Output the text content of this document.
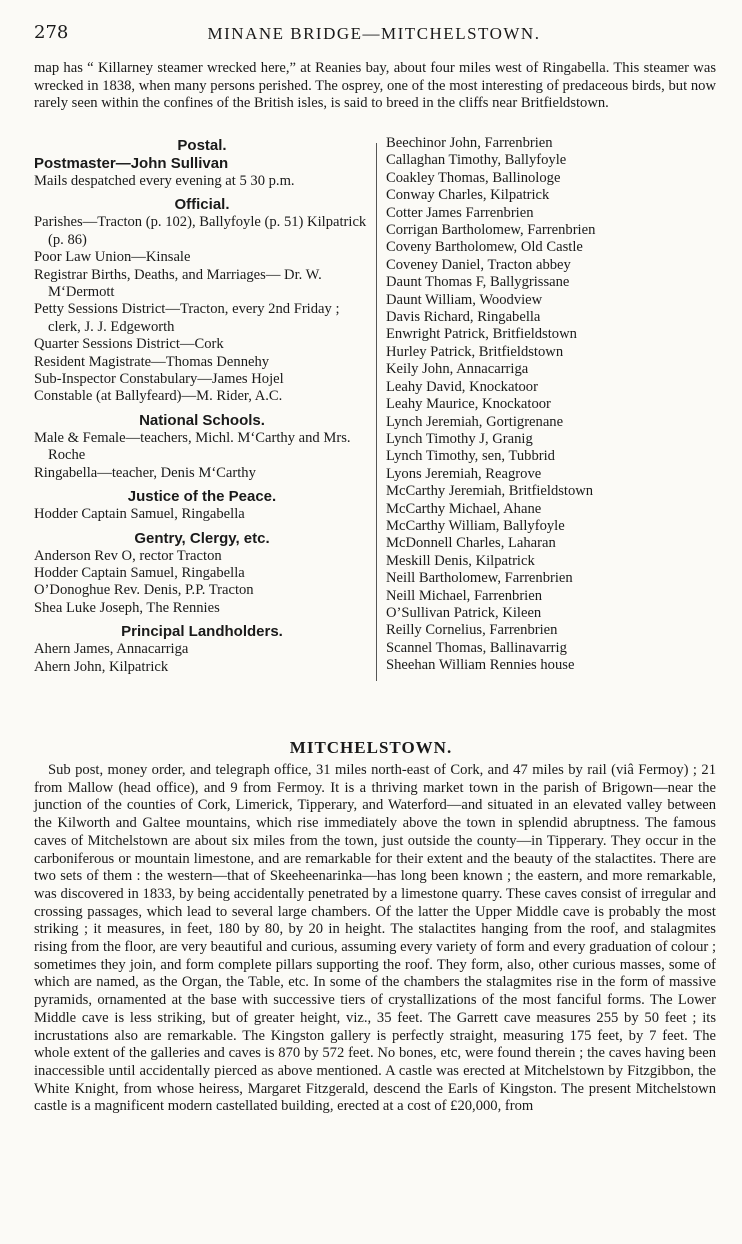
278	MINANE BRIDGE—MITCHELSTOWN.
map has “ Killarney steamer wrecked here,” at Reanies bay, about four miles west of Ringabella. This steamer was wrecked in 1838, when many persons perished. The osprey, one of the most interesting of predaceous birds, but now rarely seen within the confines of the British isles, is said to breed in the cliffs near Britfieldstown.
Postal.
Postmaster—John Sullivan
Mails despatched every evening at 5 30 p.m.
Official.
Parishes—Tracton (p. 102), Ballyfoyle (p. 51) Kilpatrick (p. 86)
Poor Law Union—Kinsale
Registrar Births, Deaths, and Marriages— Dr. W. M‘Dermott
Petty Sessions District—Tracton, every 2nd Friday ; clerk, J. J. Edgeworth
Quarter Sessions District—Cork
Resident Magistrate—Thomas Dennehy
Sub-Inspector Constabulary—James Hojel
Constable (at Ballyfeard)—M. Rider, A.C.
National Schools.
Male & Female—teachers, Michl. M‘Carthy and Mrs. Roche
Ringabella—teacher, Denis M‘Carthy
Justice of the Peace.
Hodder Captain Samuel, Ringabella
Gentry, Clergy, etc.
Anderson Rev O, rector Tracton
Hodder Captain Samuel, Ringabella
O’Donoghue Rev. Denis, P.P. Tracton
Shea Luke Joseph, The Rennies
Principal Landholders.
Ahern James, Annacarriga
Ahern John, Kilpatrick
Beechinor John, Farrenbrien
Callaghan Timothy, Ballyfoyle
Coakley Thomas, Ballinologe
Conway Charles, Kilpatrick
Cotter James Farrenbrien
Corrigan Bartholomew, Farrenbrien
Coveny Bartholomew, Old Castle
Coveney Daniel, Tracton abbey
Daunt Thomas F, Ballygrissane
Daunt William, Woodview
Davis Richard, Ringabella
Enwright Patrick, Britfieldstown
Hurley Patrick, Britfieldstown
Keily John, Annacarriga
Leahy David, Knockatoor
Leahy Maurice, Knockatoor
Lynch Jeremiah, Gortigrenane
Lynch Timothy J, Granig
Lynch Timothy, sen, Tubbrid
Lyons Jeremiah, Reagrove
McCarthy Jeremiah, Britfieldstown
McCarthy Michael, Ahane
McCarthy William, Ballyfoyle
McDonnell Charles, Laharan
Meskill Denis, Kilpatrick
Neill Bartholomew, Farrenbrien
Neill Michael, Farrenbrien
O’Sullivan Patrick, Kileen
Reilly Cornelius, Farrenbrien
Scannel Thomas, Ballinavarrig
Sheehan William Rennies house
MITCHELSTOWN.
Sub post, money order, and telegraph office, 31 miles north-east of Cork, and 47 miles by rail (viâ Fermoy) ; 21 from Mallow (head office), and 9 from Fermoy. It is a thriving market town in the parish of Brigown—near the junction of the counties of Cork, Limerick, Tipperary, and Waterford—and situated in an elevated valley between the Kilworth and Galtee mountains, which rise immediately above the town in splendid abruptness. The famous caves of Mitchelstown are about six miles from the town, just outside the county—in Tipperary. They occur in the carboniferous or mountain limestone, and are remarkable for their extent and the beauty of the stalactites. There are two sets of them : the western—that of Skeeheenarinka—has long been known ; the eastern, and more remarkable, was discovered in 1833, by being accidentally penetrated by a limestone quarry. These caves consist of irregular and crossing passages, which lead to several large chambers. Of the latter the Upper Middle cave is probably the most striking ; it measures, in feet, 180 by 80, by 20 in height. The stalactites hanging from the roof, and stalagmites rising from the floor, are very beautiful and curious, assuming every variety of form and every graduation of colour ; sometimes they join, and form complete pillars supporting the roof. They form, also, other curious masses, some of which are named, as the Organ, the Table, etc. In some of the chambers the stalagmites rise in the form of massive pyramids, ornamented at the base with successive tiers of crystallizations of the most fanciful forms. The Lower Middle cave is less striking, but of greater height, viz., 35 feet. The Garrett cave measures 255 by 50 feet ; its incrustations also are remarkable. The Kingston gallery is perfectly straight, measuring 175 feet, by 7 feet. The whole extent of the galleries and caves is 870 by 572 feet. No bones, etc, were found therein ; the caves having been inaccessible until accidentally pierced as above mentioned. A castle was erected at Mitchelstown by Fitzgibbon, the White Knight, from whose heiress, Margaret Fitzgerald, descend the Earls of Kingston. The present Mitchelstown castle is a magnificent modern castellated building, erected at a cost of £20,000, from
